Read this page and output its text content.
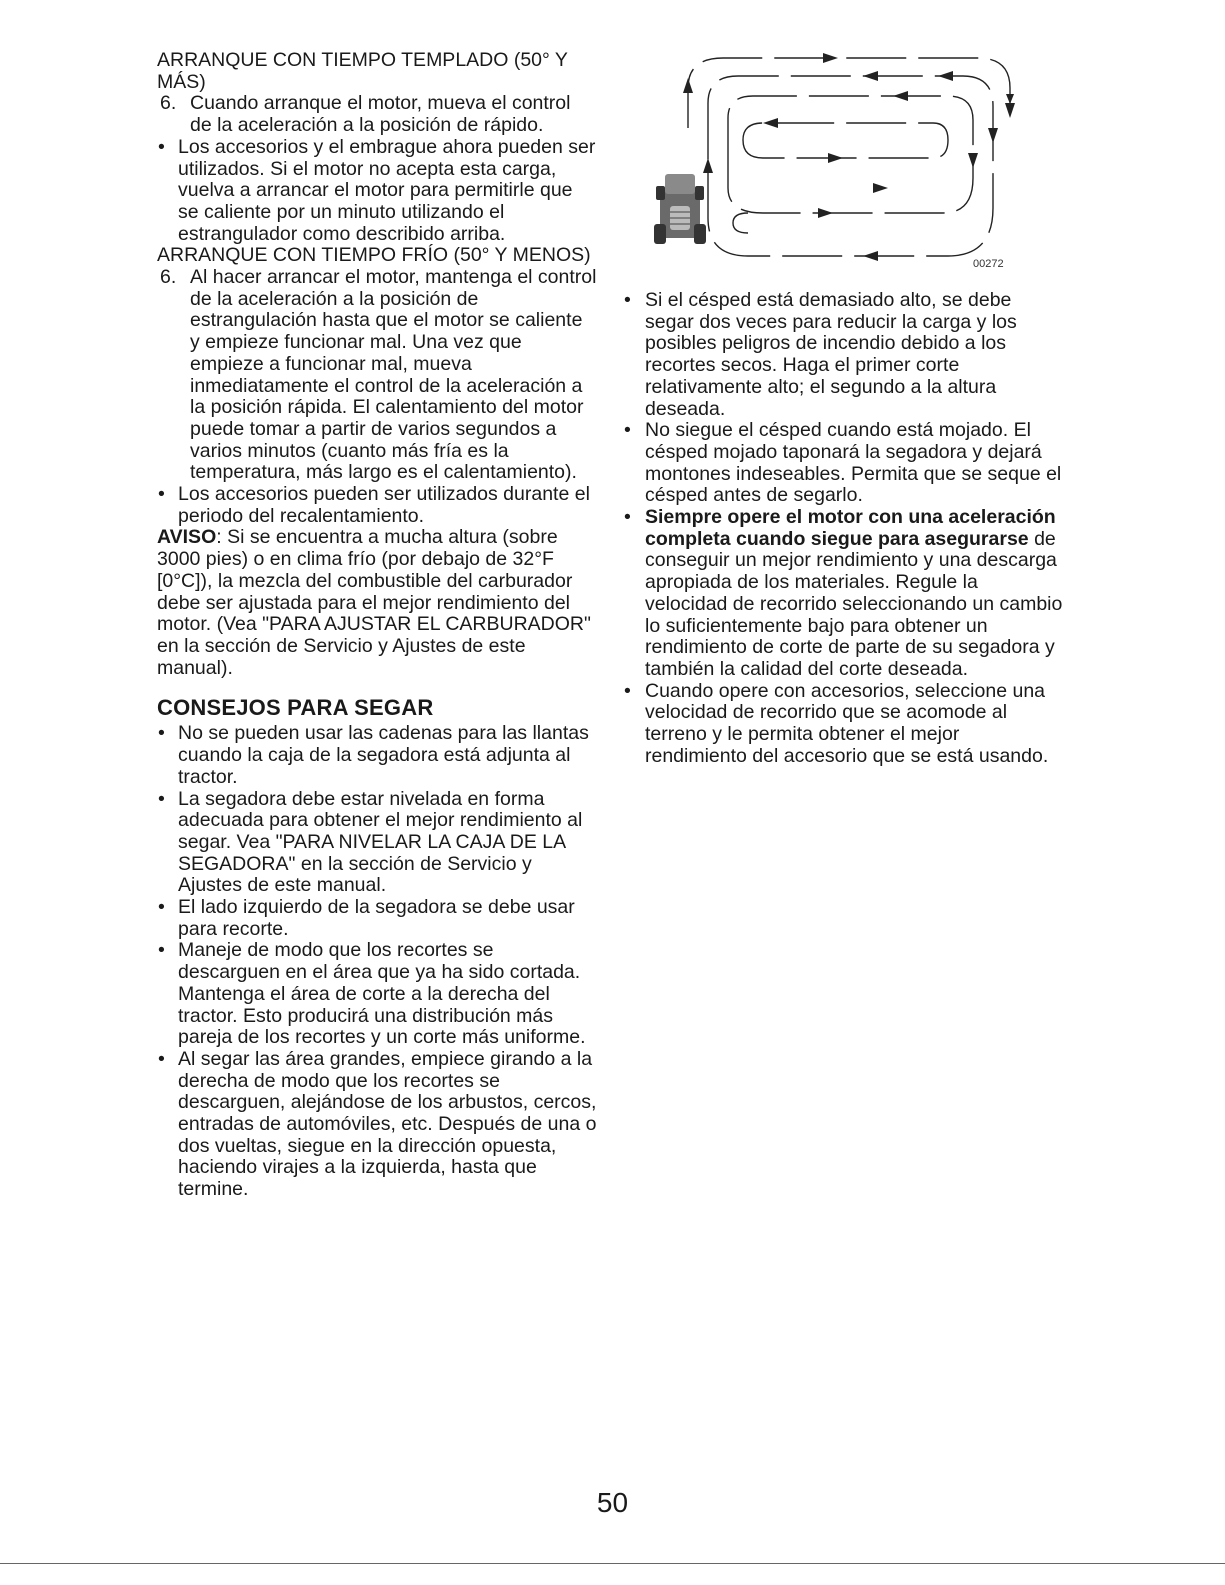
ARRANQUE CON TIEMPO TEMPLADO (50° Y MÁS)

6. Cuando arranque el motor, mueva el control de la aceleración a la posición de rápido.
• Los accesorios y el embrague ahora pueden ser utilizados. Si el motor no acepta esta carga, vuelva a arrancar el motor para permitirle que se caliente por un minuto utilizando el estrangulador como describido arriba.

ARRANQUE CON TIEMPO FRÍO (50° Y MENOS)

6. Al hacer arrancar el motor, mantenga el control de la aceleración a la posición de estrangulación hasta que el motor se caliente y empieze funcionar mal. Una vez que empieze a funcionar mal, mueva inmediatamente el control de la aceleración a la posición rápida. El calentamiento del motor puede tomar a partir de varios segundos a varios minutos (cuanto más fría es la temperatura, más largo es el calentamiento).
• Los accesorios pueden ser utilizados durante el periodo del recalentamiento.

AVISO: Si se encuentra a mucha altura (sobre 3000 pies) o en clima frío (por debajo de 32°F [0°C]), la mezcla del combustible del carburador debe ser ajustada para el mejor rendimiento del motor. (Vea "PARA AJUSTAR EL CARBURADOR" en la sección de Servicio y Ajustes de este manual).

CONSEJOS PARA SEGAR
• No se pueden usar las cadenas para las llantas cuando la caja de la segadora está adjunta al tractor.
• La segadora debe estar nivelada en forma adecuada para obtener el mejor rendimiento al segar. Vea "PARA NIVELAR LA CAJA DE LA SEGADORA" en la sección de Servicio y Ajustes de este manual.
• El lado izquierdo de la segadora se debe usar para recorte.
• Maneje de modo que los recortes se descarguen en el área que ya ha sido cortada. Mantenga el área de corte a la derecha del tractor. Esto producirá una distribución más pareja de los recortes y un corte más uniforme.
• Al segar las área grandes, empiece girando a la derecha de modo que los recortes se descarguen, alejándose de los arbustos, cercos, entradas de automóviles, etc. Después de una o dos vueltas, siegue en la dirección opuesta, haciendo virajes a la izquierda, hasta que termine.
00272
• Si el césped está demasiado alto, se debe segar dos veces para reducir la carga y los posibles peligros de incendio debido a los recortes secos. Haga el primer corte relativamente alto; el segundo a la altura deseada.
• No siegue el césped cuando está mojado. El césped mojado taponará la segadora y dejará montones indeseables. Permita que se seque el césped antes de segarlo.
• Siempre opere el motor con una aceleración completa cuando siegue para asegurarse de conseguir un mejor rendimiento y una descarga apropiada de los materiales. Regule la velocidad de recorrido seleccionando un cambio lo suficientemente bajo para obtener un rendimiento de corte de parte de su segadora y también la calidad del corte deseada.
• Cuando opere con accesorios, seleccione una velocidad de recorrido que se acomode al terreno y le permita obtener el mejor rendimiento del accesorio que se está usando.
50
